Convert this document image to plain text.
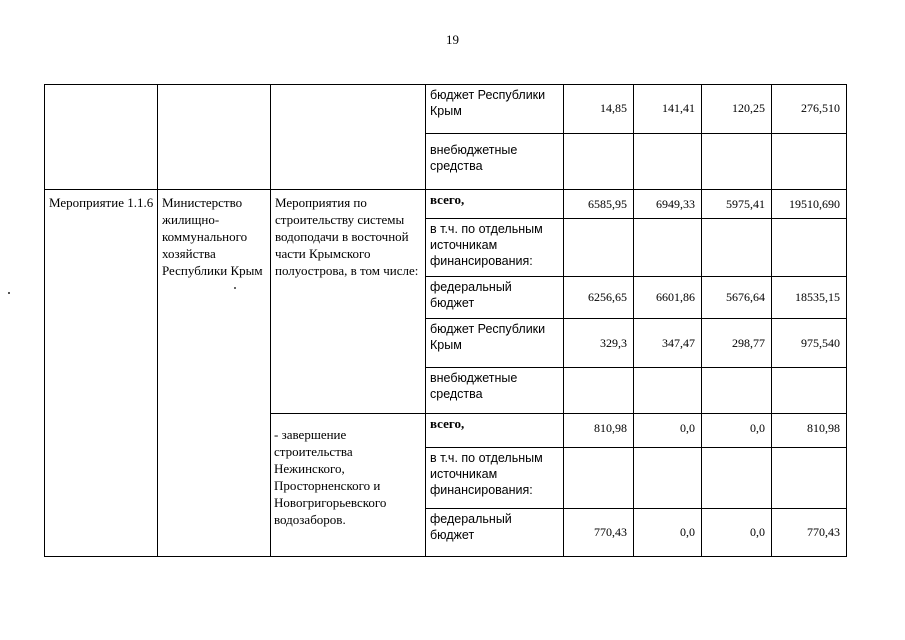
19
			бюджет Республики Крым	14,85	141,41	120,25	276,510
			внебюджетные средства				
Мероприятие 1.1.6	Министерство жилищно-коммунального хозяйства Республики Крым	Мероприятия по строительству системы водоподачи в восточной части Крымского полуострова, в том числе:	всего,	6585,95	6949,33	5975,41	19510,690
			в т.ч. по отдельным источникам финансирования:				
			федеральный бюджет	6256,65	6601,86	5676,64	18535,15
			бюджет Республики Крым	329,3	347,47	298,77	975,540
			внебюджетные средства				
		- завершение строительства Нежинского, Просторненского и Новогригорьевского водозаборов.	всего,	810,98	0,0	0,0	810,98
			в т.ч. по отдельным источникам финансирования:				
			федеральный бюджет	770,43	0,0	0,0	770,43
